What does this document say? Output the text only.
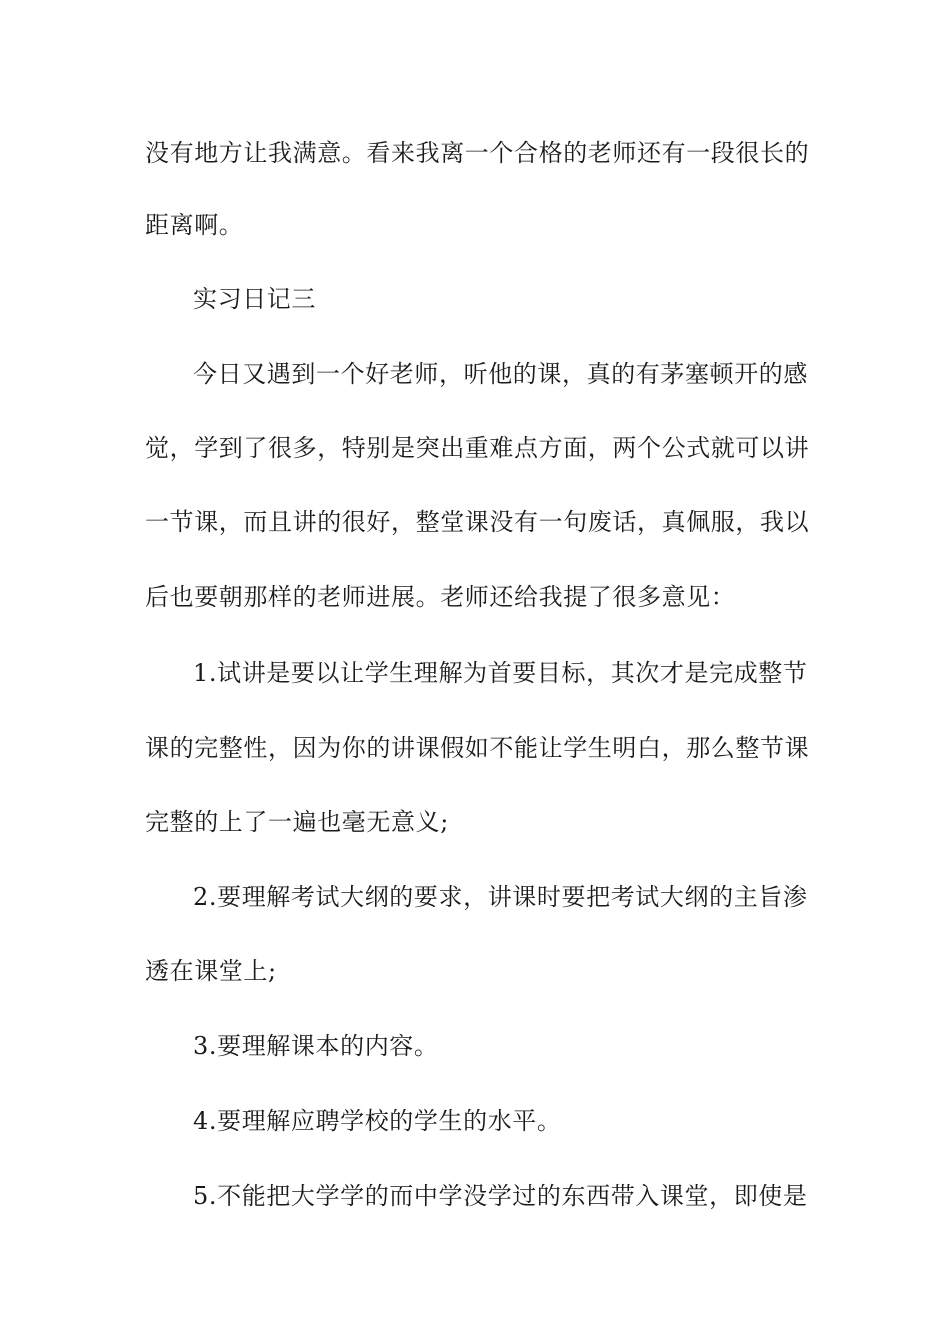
没有地方让我满意。看来我离一个合格的老师还有一段很长的
距离啊。
实习日记三
今日又遇到一个好老师，听他的课，真的有茅塞顿开的感
觉，学到了很多，特别是突出重难点方面，两个公式就可以讲
一节课，而且讲的很好，整堂课没有一句废话，真佩服，我以
后也要朝那样的老师进展。老师还给我提了很多意见：
1.试讲是要以让学生理解为首要目标，其次才是完成整节
课的完整性，因为你的讲课假如不能让学生明白，那么整节课
完整的上了一遍也毫无意义;
2.要理解考试大纲的要求，讲课时要把考试大纲的主旨渗
透在课堂上;
3.要理解课本的内容。
4.要理解应聘学校的学生的水平。
5.不能把大学学的而中学没学过的东西带入课堂，即使是
